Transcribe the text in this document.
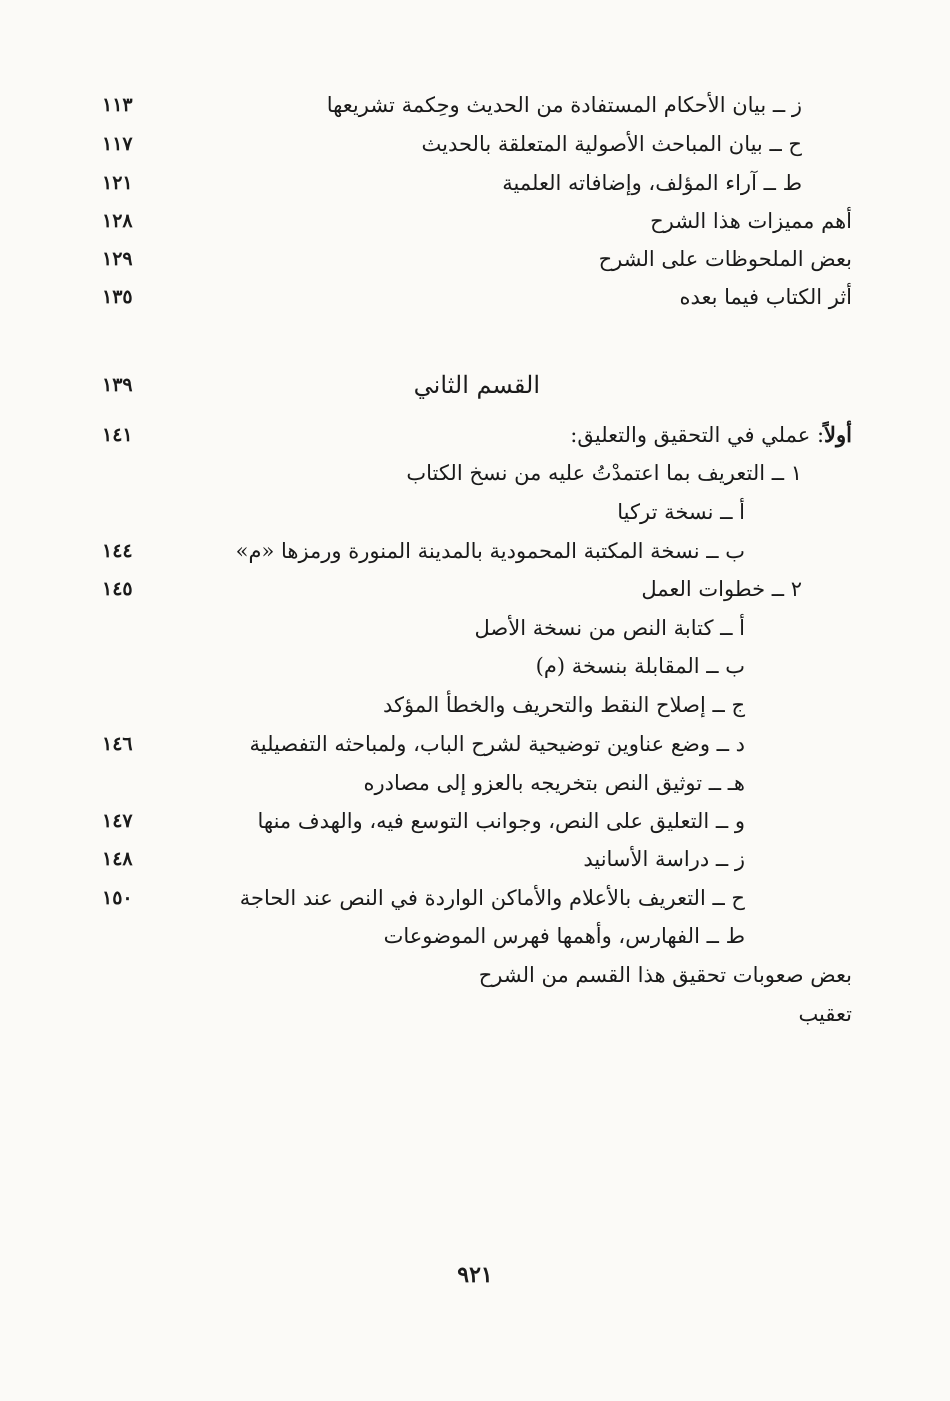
ز ــ بيان الأحكام المستفادة من الحديث وحِكمة تشريعها
١١٣
ح ــ بيان المباحث الأصولية المتعلقة بالحديث
١١٧
ط ــ آراء المؤلف، وإضافاته العلمية
١٢١
أهم مميزات هذا الشرح
١٢٨
بعض الملحوظات على الشرح
١٢٩
أثر الكتاب فيما بعده
١٣٥
القسم الثاني
١٣٩
أولاً: عملي في التحقيق والتعليق:
١٤١
١ ــ التعريف بما اعتمدْتُ عليه من نسخ الكتاب
أ ــ نسخة تركيا
ب ــ نسخة المكتبة المحمودية بالمدينة المنورة ورمزها «م»
١٤٤
٢ ــ خطوات العمل
١٤٥
أ ــ كتابة النص من نسخة الأصل
ب ــ المقابلة بنسخة (م)
ج ــ إصلاح النقط والتحريف والخطأ المؤكد
د ــ وضع عناوين توضيحية لشرح الباب، ولمباحثه التفصيلية
١٤٦
هـ ــ توثيق النص بتخريجه بالعزو إلى مصادره
و ــ التعليق على النص، وجوانب التوسع فيه، والهدف منها
١٤٧
ز ــ دراسة الأسانيد
١٤٨
ح ــ التعريف بالأعلام والأماكن الواردة في النص عند الحاجة
١٥٠
ط ــ الفهارس، وأهمها فهرس الموضوعات
بعض صعوبات تحقيق هذا القسم من الشرح
تعقيب
٩٢١
